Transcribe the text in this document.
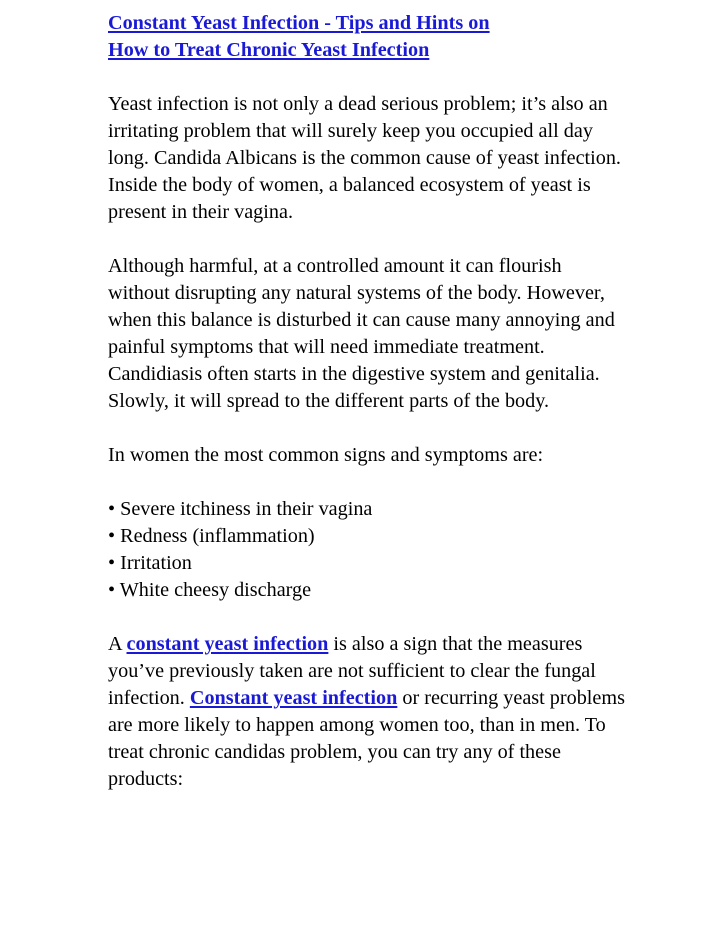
Constant Yeast Infection - Tips and Hints on
How to Treat Chronic Yeast Infection

Yeast infection is not only a dead serious problem; it’s also an irritating problem that will surely keep you occupied all day long. Candida Albicans is the common cause of yeast infection. Inside the body of women, a balanced ecosystem of yeast is present in their vagina.

Although harmful, at a controlled amount it can flourish without disrupting any natural systems of the body. However, when this balance is disturbed it can cause many annoying and painful symptoms that will need immediate treatment. Candidiasis often starts in the digestive system and genitalia. Slowly, it will spread to the different parts of the body.

In women the most common signs and symptoms are:

• Severe itchiness in their vagina
• Redness (inflammation)
• Irritation
• White cheesy discharge

A constant yeast infection is also a sign that the measures you’ve previously taken are not sufficient to clear the fungal infection. Constant yeast infection or recurring yeast problems are more likely to happen among women too, than in men. To treat chronic candidas problem, you can try any of these products:
